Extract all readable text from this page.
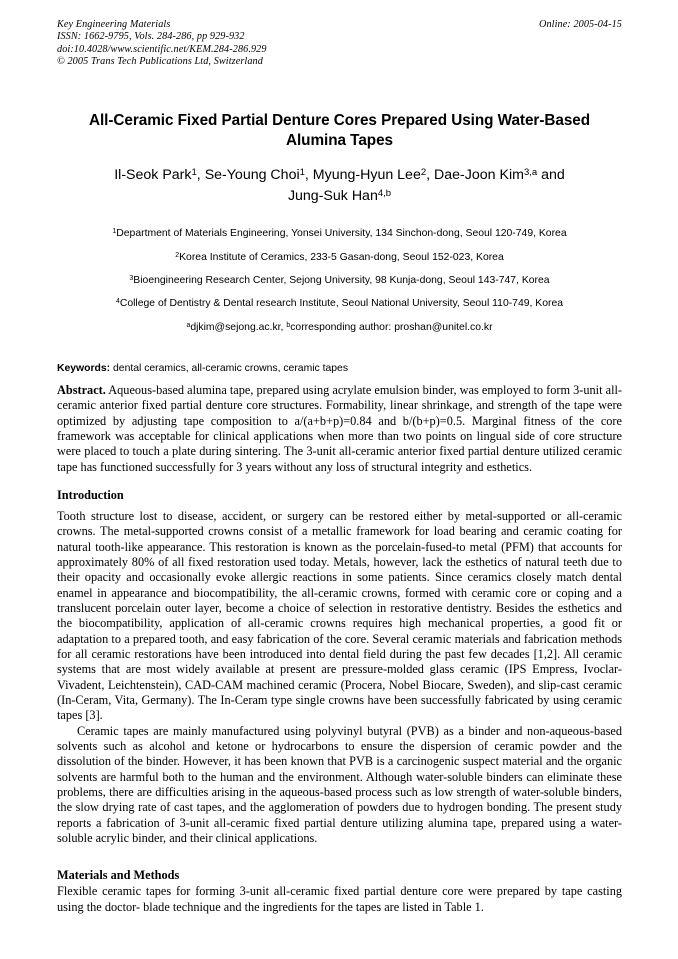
Key Engineering Materials
ISSN: 1662-9795, Vols. 284-286, pp 929-932
doi:10.4028/www.scientific.net/KEM.284-286.929
© 2005 Trans Tech Publications Ltd, Switzerland
Online: 2005-04-15
All-Ceramic Fixed Partial Denture Cores Prepared Using Water-Based Alumina Tapes
Il-Seok Park$^1$, Se-Young Choi$^1$, Myung-Hyun Lee$^2$, Dae-Joon Kim$^{3,a}$ and
Jung-Suk Han$^{4,b}$
$^1$Department of Materials Engineering, Yonsei University, 134 Sinchon-dong, Seoul 120-749, Korea
$^2$Korea Institute of Ceramics, 233-5 Gasan-dong, Seoul 152-023, Korea
$^3$Bioengineering Research Center, Sejong University, 98 Kunja-dong, Seoul 143-747, Korea
$^4$College of Dentistry & Dental research Institute, Seoul National University, Seoul 110-749, Korea
$^a$djkim@sejong.ac.kr, $^b$corresponding author: proshan@unitel.co.kr
Keywords: dental ceramics, all-ceramic crowns, ceramic tapes
Abstract. Aqueous-based alumina tape, prepared using acrylate emulsion binder, was employed to form 3-unit all-ceramic anterior fixed partial denture core structures. Formability, linear shrinkage, and strength of the tape were optimized by adjusting tape composition to a/(a+b+p)=0.84 and b/(b+p)=0.5. Marginal fitness of the core framework was acceptable for clinical applications when more than two points on lingual side of core structure were placed to touch a plate during sintering. The 3-unit all-ceramic anterior fixed partial denture utilized ceramic tape has functioned successfully for 3 years without any loss of structural integrity and esthetics.
Introduction
Tooth structure lost to disease, accident, or surgery can be restored either by metal-supported or all-ceramic crowns. The metal-supported crowns consist of a metallic framework for load bearing and ceramic coating for natural tooth-like appearance. This restoration is known as the porcelain-fused-to metal (PFM) that accounts for approximately 80% of all fixed restoration used today. Metals, however, lack the esthetics of natural teeth due to their opacity and occasionally evoke allergic reactions in some patients. Since ceramics closely match dental enamel in appearance and biocompatibility, the all-ceramic crowns, formed with ceramic core or coping and a translucent porcelain outer layer, become a choice of selection in restorative dentistry. Besides the esthetics and the biocompatibility, application of all-ceramic crowns requires high mechanical properties, a good fit or adaptation to a prepared tooth, and easy fabrication of the core. Several ceramic materials and fabrication methods for all ceramic restorations have been introduced into dental field during the past few decades [1,2]. All ceramic systems that are most widely available at present are pressure-molded glass ceramic (IPS Empress, Ivoclar-Vivadent, Leichtenstein), CAD-CAM machined ceramic (Procera, Nobel Biocare, Sweden), and slip-cast ceramic (In-Ceram, Vita, Germany). The In-Ceram type single crowns have been successfully fabricated by using ceramic tapes [3].
Ceramic tapes are mainly manufactured using polyvinyl butyral (PVB) as a binder and non-aqueous-based solvents such as alcohol and ketone or hydrocarbons to ensure the dispersion of ceramic powder and the dissolution of the binder. However, it has been known that PVB is a carcinogenic suspect material and the organic solvents are harmful both to the human and the environment. Although water-soluble binders can eliminate these problems, there are difficulties arising in the aqueous-based process such as low strength of water-soluble binders, the slow drying rate of cast tapes, and the agglomeration of powders due to hydrogen bonding. The present study reports a fabrication of 3-unit all-ceramic fixed partial denture utilizing alumina tape, prepared using a water-soluble acrylic binder, and their clinical applications.
Materials and Methods
Flexible ceramic tapes for forming 3-unit all-ceramic fixed partial denture core were prepared by tape casting using the doctor- blade technique and the ingredients for the tapes are listed in Table 1.
